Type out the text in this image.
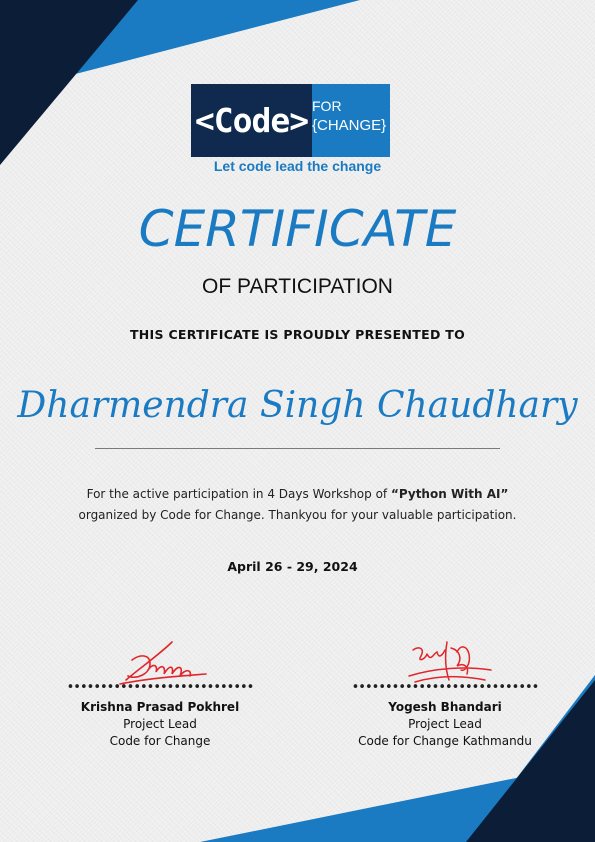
<Code> FOR
{CHANGE}
Let code lead the change
CERTIFICATE
OF PARTICIPATION
THIS CERTIFICATE IS PROUDLY PRESENTED TO
Dharmendra Singh Chaudhary
For the active participation in 4 Days Workshop of “Python With AI”
organized by Code for Change. Thankyou for your valuable participation.
April 26 - 29, 2024
••••••••••••••••••••••••••••
Krishna Prasad Pokhrel
Project Lead
Code for Change
••••••••••••••••••••••••••••
Yogesh Bhandari
Project Lead
Code for Change Kathmandu
